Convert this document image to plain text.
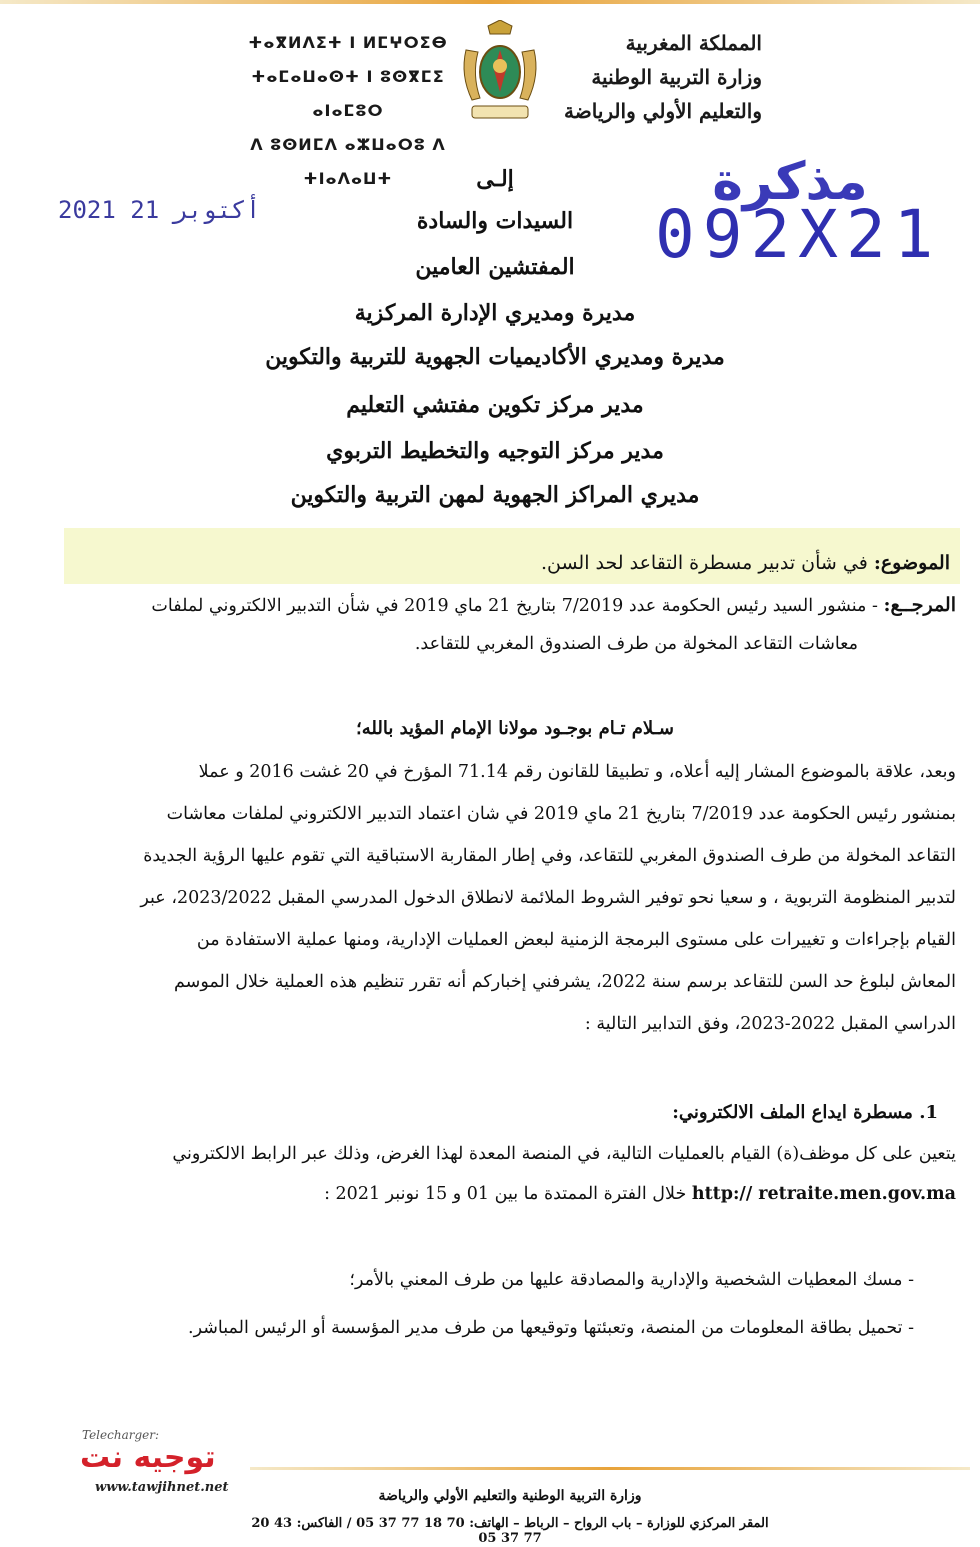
المملكة المغربية
وزارة التربية الوطنية
والتعليم الأولي والرياضة
ⵜⴰⴳⵍⴷⵉⵜ ⵏ ⵍⵎⵖⵔⵉⴱ
ⵜⴰⵎⴰⵡⴰⵙⵜ ⵏ ⵓⵙⴳⵎⵉ ⴰⵏⴰⵎⵓⵔ
ⴷ ⵓⵙⵍⵎⴷ ⴰⵣⵡⴰⵔⵓ ⴷ ⵜⵏⴰⴷⴰⵡⵜ	مذكرة
092X21
2021 أكتوبر 21
إلـى
السيدات والسادة
المفتشين العامين
مديرة ومديري الإدارة المركزية
مديرة ومديري الأكاديميات الجهوية للتربية والتكوين
مدير مركز تكوين مفتشي التعليم
مدير مركز التوجيه والتخطيط التربوي
مديري المراكز الجهوية لمهن التربية والتكوين
الموضوع: في شأن تدبير مسطرة التقاعد لحد السن.
المرجــع: - منشور السيد رئيس الحكومة عدد 7/2019 بتاريخ 21 ماي 2019 في شأن التدبير الالكتروني لملفات
معاشات التقاعد المخولة من طرف الصندوق المغربي للتقاعد.
سـلام تـام بوجـود مولانا الإمام المؤيد بالله؛
وبعد، علاقة بالموضوع المشار إليه أعلاه، و تطبيقا للقانون رقم 71.14 المؤرخ في 20 غشت 2016 و عملا
بمنشور رئيس الحكومة عدد 7/2019 بتاريخ 21 ماي 2019 في شان اعتماد التدبير الالكتروني لملفات معاشات
التقاعد المخولة من طرف الصندوق المغربي للتقاعد، وفي إطار المقاربة الاستباقية التي تقوم عليها الرؤية الجديدة
لتدبير المنظومة التربوية ، و سعيا نحو توفير الشروط الملائمة لانطلاق الدخول المدرسي المقبل 2023/2022، عبر
القيام بإجراءات و تغييرات على مستوى البرمجة الزمنية لبعض العمليات الإدارية، ومنها عملية الاستفادة من
المعاش لبلوغ حد السن للتقاعد برسم سنة 2022، يشرفني إخباركم أنه تقرر تنظيم هذه العملية خلال الموسم
الدراسي المقبل 2022-2023، وفق التدابير التالية :
1. مسطرة ايداع الملف الالكتروني:
يتعين على كل موظف(ة) القيام بالعمليات التالية، في المنصة المعدة لهذا الغرض، وذلك عبر الرابط الالكتروني
http:// retraite.men.gov.ma خلال الفترة الممتدة ما بين 01 و 15 نونبر 2021 :
- مسك المعطيات الشخصية والإدارية والمصادقة عليها من طرف المعني بالأمر؛
- تحميل بطاقة المعلومات من المنصة، وتعبئتها وتوقيعها من طرف مدير المؤسسة أو الرئيس المباشر.
Telecharger:
توجيه نت
www.tawjihnet.net
وزارة التربية الوطنية والتعليم الأولي والرياضة
المقر المركزي للوزارة – باب الرواح – الرباط – الهاتف: 70 18 77 37 05 / الفاكس: 43 20 77 37 05
